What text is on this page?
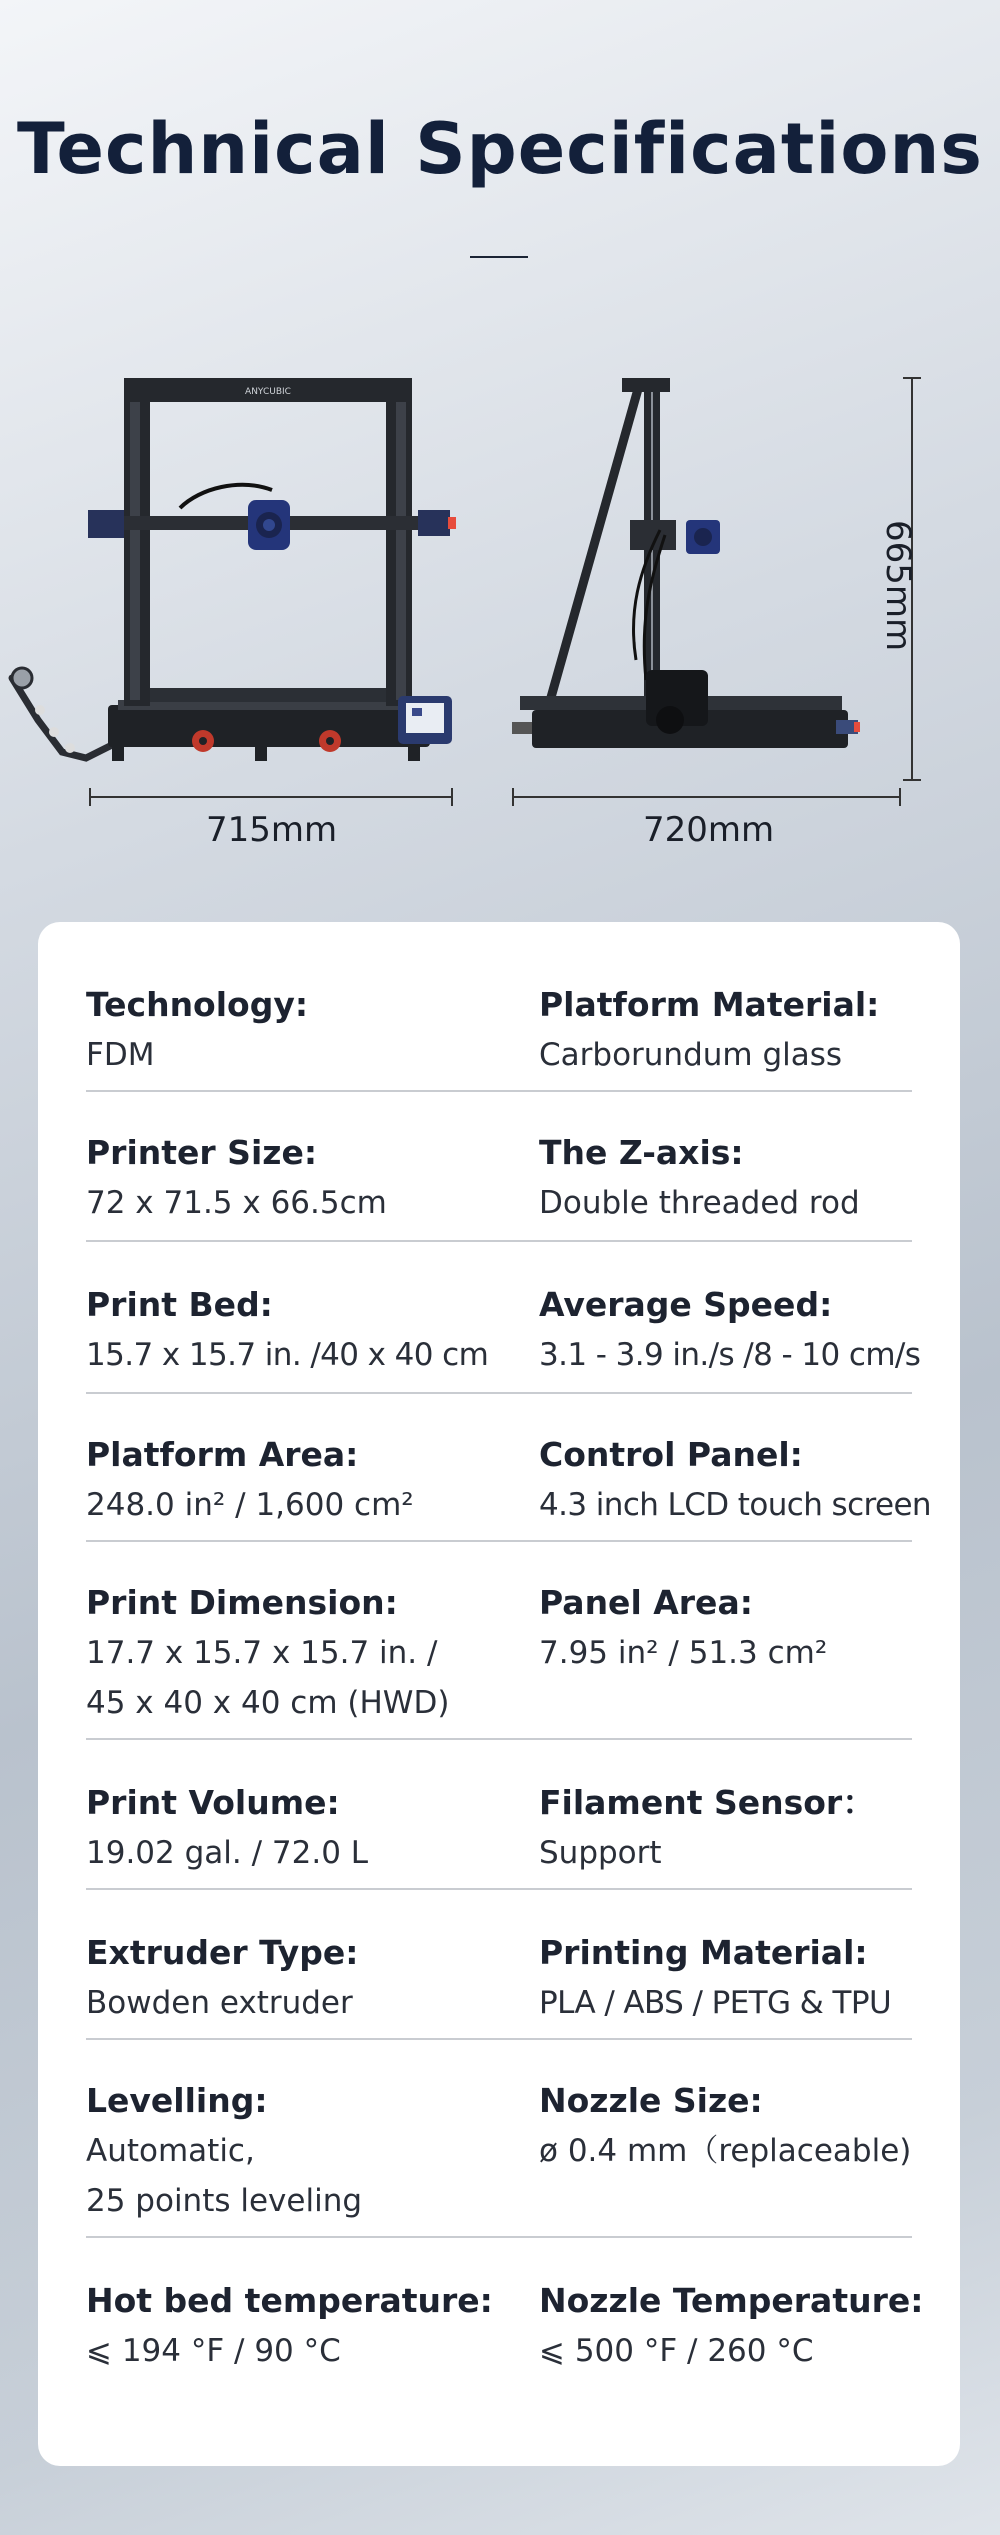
Technical Specifications
ANYCUBIC
715mm	720mm
665mm
Technology:
FDM
Platform Material:
Carborundum glass
Printer Size:
72 x 71.5 x 66.5cm
The Z-axis:
Double threaded rod
Print Bed:
15.7 x 15.7 in. /40 x 40 cm
Average Speed:
3.1 - 3.9 in./s /8 - 10 cm/s
Platform Area:
248.0 in² / 1,600 cm²
Control Panel:
4.3 inch LCD touch screen
Print Dimension:
17.7 x 15.7 x 15.7 in. /
45 x 40 x 40 cm (HWD)
Panel Area:
7.95 in² / 51.3 cm²
Print Volume:
19.02 gal. / 72.0 L
Filament Sensor：
Support
Extruder Type:
Bowden extruder
Printing Material:
PLA / ABS / PETG & TPU
Levelling:
Automatic,
25 points leveling
Nozzle Size:
ø 0.4 mm（replaceable)
Hot bed temperature:
⩽ 194 °F / 90 °C
Nozzle Temperature:
⩽ 500 °F / 260 °C
